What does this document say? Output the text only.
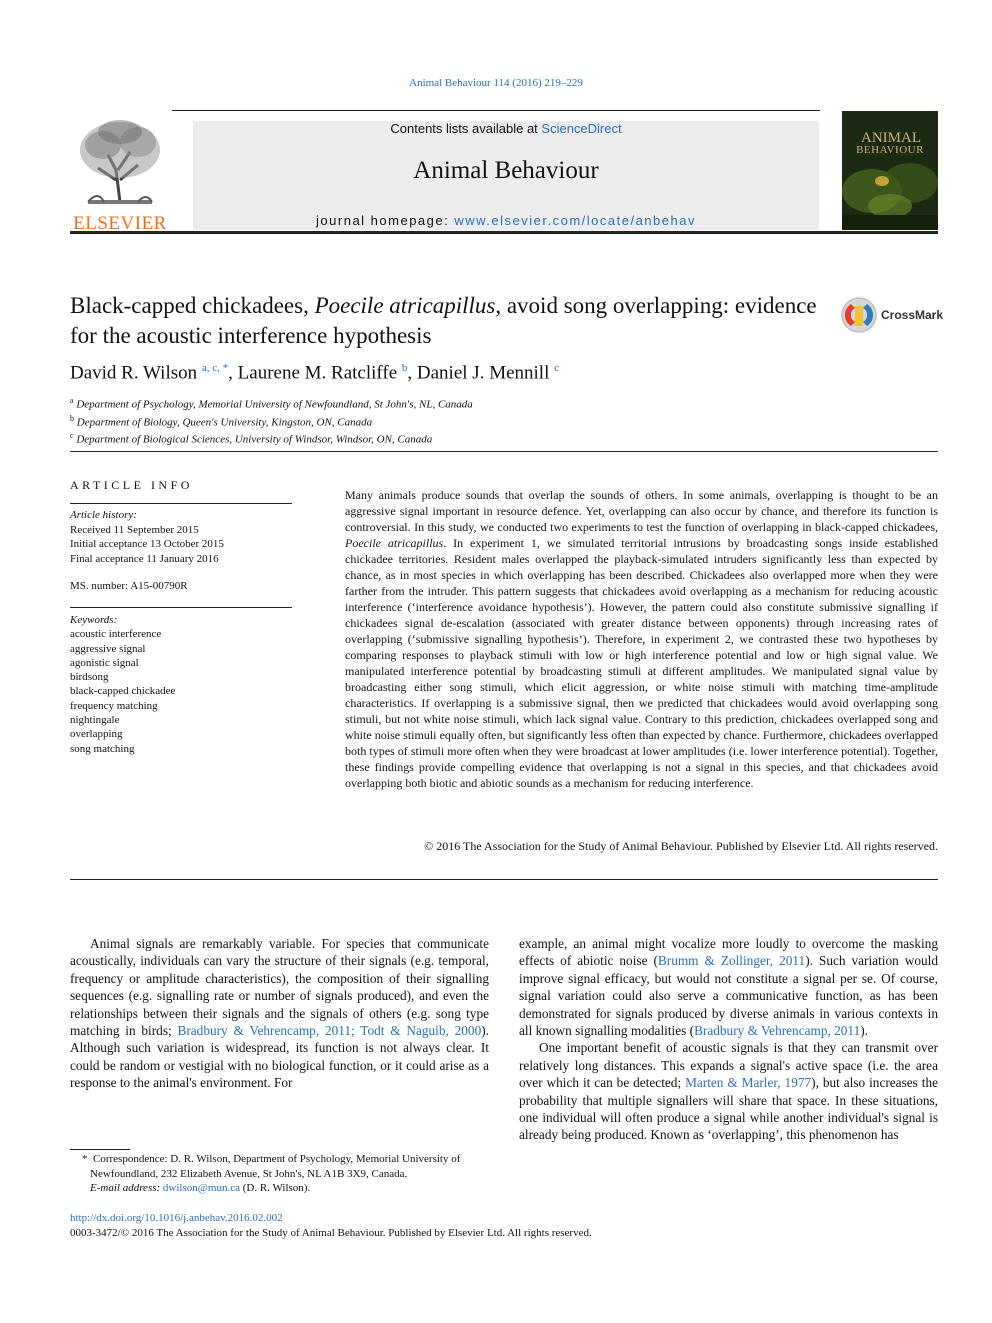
Animal Behaviour 114 (2016) 219–229
ELSEVIER
Contents lists available at ScienceDirect
Animal Behaviour
journal homepage: www.elsevier.com/locate/anbehav
ANIMAL
BEHAVIOUR
Black-capped chickadees, Poecile atricapillus, avoid song overlapping: evidence for the acoustic interference hypothesis
CrossMark
David R. Wilson $^{a, c, *}$, Laurene M. Ratcliffe $^b$, Daniel J. Mennill $^c$
$^a$ Department of Psychology, Memorial University of Newfoundland, St John's, NL, Canada
$^b$ Department of Biology, Queen's University, Kingston, ON, Canada
$^c$ Department of Biological Sciences, University of Windsor, Windsor, ON, Canada
ARTICLE INFO
Article history:
Received 11 September 2015
Initial acceptance 13 October 2015
Final acceptance 11 January 2016
MS. number: A15-00790R
Keywords:
acoustic interference
aggressive signal
agonistic signal
birdsong
black-capped chickadee
frequency matching
nightingale
overlapping
song matching
Many animals produce sounds that overlap the sounds of others. In some animals, overlapping is thought to be an aggressive signal important in resource defence. Yet, overlapping can also occur by chance, and therefore its function is controversial. In this study, we conducted two experiments to test the function of overlapping in black-capped chickadees, Poecile atricapillus. In experiment 1, we simulated territorial intrusions by broadcasting songs inside established chickadee territories. Resident males overlapped the playback-simulated intruders significantly less than expected by chance, as in most species in which overlapping has been described. Chickadees also overlapped more when they were farther from the intruder. This pattern suggests that chickadees avoid overlapping as a mechanism for reducing acoustic interference (‘interference avoidance hypothesis’). However, the pattern could also constitute submissive signalling if chickadees signal de-escalation (associated with greater distance between opponents) through increasing rates of overlapping (‘submissive signalling hypothesis’). Therefore, in experiment 2, we contrasted these two hypotheses by comparing responses to playback stimuli with low or high interference potential and low or high signal value. We manipulated interference potential by broadcasting stimuli at different amplitudes. We manipulated signal value by broadcasting either song stimuli, which elicit aggression, or white noise stimuli with matching time-amplitude characteristics. If overlapping is a submissive signal, then we predicted that chickadees would avoid overlapping song stimuli, but not white noise stimuli, which lack signal value. Contrary to this prediction, chickadees overlapped song and white noise stimuli equally often, but significantly less often than expected by chance. Furthermore, chickadees overlapped both types of stimuli more often when they were broadcast at lower amplitudes (i.e. lower interference potential). Together, these findings provide compelling evidence that overlapping is not a signal in this species, and that chickadees avoid overlapping both biotic and abiotic sounds as a mechanism for reducing interference.
© 2016 The Association for the Study of Animal Behaviour. Published by Elsevier Ltd. All rights reserved.

Animal signals are remarkably variable. For species that communicate acoustically, individuals can vary the structure of their signals (e.g. temporal, frequency or amplitude characteristics), the composition of their signalling sequences (e.g. signalling rate or number of signals produced), and even the relationships between their signals and the signals of others (e.g. song type matching in birds; Bradbury & Vehrencamp, 2011; Todt & Naguib, 2000). Although such variation is widespread, its function is not always clear. It could be random or vestigial with no biological function, or it could arise as a response to the animal's environment. For

example, an animal might vocalize more loudly to overcome the masking effects of abiotic noise (Brumm & Zollinger, 2011). Such variation would improve signal efficacy, but would not constitute a signal per se. Of course, signal variation could also serve a communicative function, as has been demonstrated for signals produced by diverse animals in various contexts in all known signalling modalities (Bradbury & Vehrencamp, 2011).

One important benefit of acoustic signals is that they can transmit over relatively long distances. This expands a signal's active space (i.e. the area over which it can be detected; Marten & Marler, 1977), but also increases the probability that multiple signallers will share that space. In these situations, one individual will often produce a signal while another individual's signal is already being produced. Known as ‘overlapping’, this phenomenon has

* Correspondence: D. R. Wilson, Department of Psychology, Memorial University of Newfoundland, 232 Elizabeth Avenue, St John's, NL A1B 3X9, Canada.
E-mail address: dwilson@mun.ca (D. R. Wilson).
http://dx.doi.org/10.1016/j.anbehav.2016.02.002
0003-3472/© 2016 The Association for the Study of Animal Behaviour. Published by Elsevier Ltd. All rights reserved.
